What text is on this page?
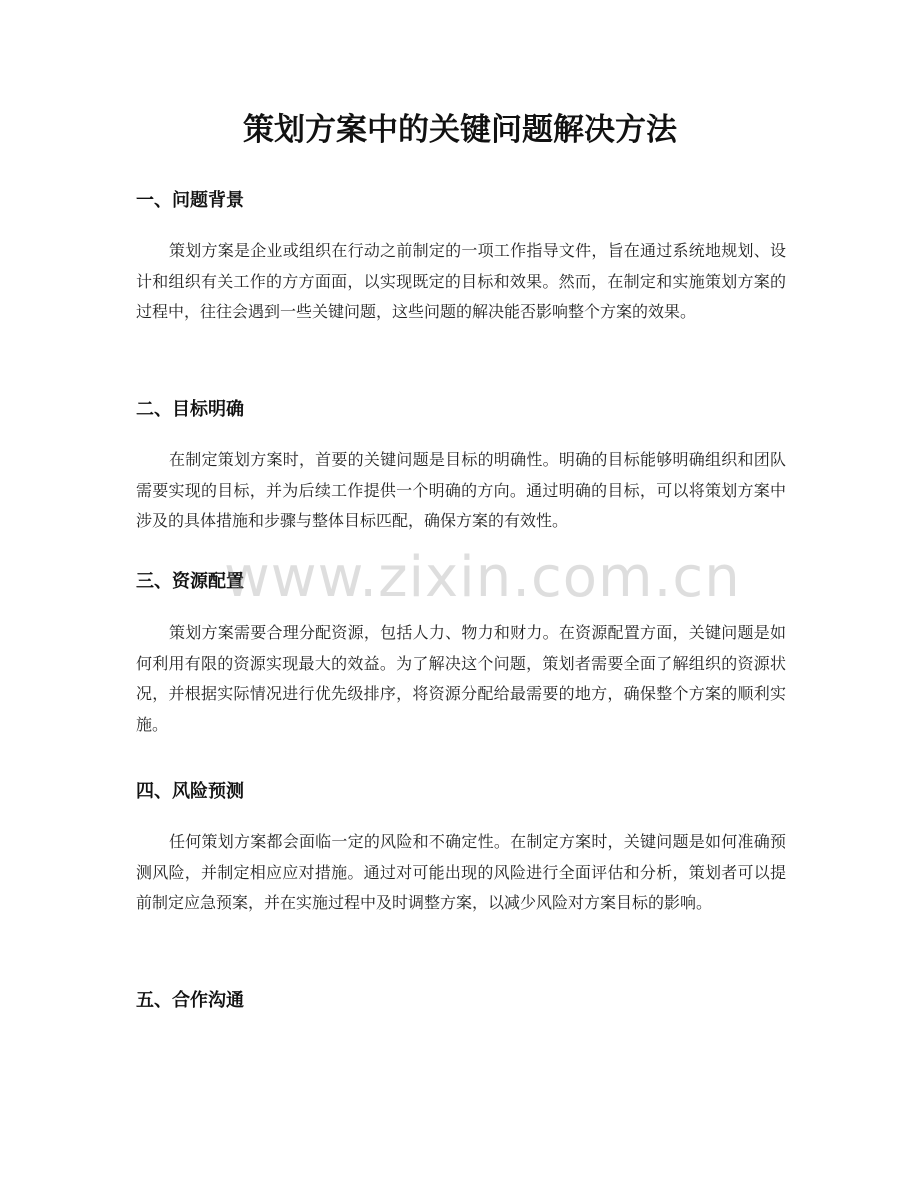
策划方案中的关键问题解决方法
一、问题背景

策划方案是企业或组织在行动之前制定的一项工作指导文件，旨在通过系统地规划、设计和组织有关工作的方方面面，以实现既定的目标和效果。然而，在制定和实施策划方案的过程中，往往会遇到一些关键问题，这些问题的解决能否影响整个方案的效果。

二、目标明确

在制定策划方案时，首要的关键问题是目标的明确性。明确的目标能够明确组织和团队需要实现的目标，并为后续工作提供一个明确的方向。通过明确的目标，可以将策划方案中涉及的具体措施和步骤与整体目标匹配，确保方案的有效性。

三、资源配置

策划方案需要合理分配资源，包括人力、物力和财力。在资源配置方面，关键问题是如何利用有限的资源实现最大的效益。为了解决这个问题，策划者需要全面了解组织的资源状况，并根据实际情况进行优先级排序，将资源分配给最需要的地方，确保整个方案的顺利实施。

四、风险预测

任何策划方案都会面临一定的风险和不确定性。在制定方案时，关键问题是如何准确预测风险，并制定相应应对措施。通过对可能出现的风险进行全面评估和分析，策划者可以提前制定应急预案，并在实施过程中及时调整方案，以减少风险对方案目标的影响。

五、合作沟通
www.zixin.com.cn
